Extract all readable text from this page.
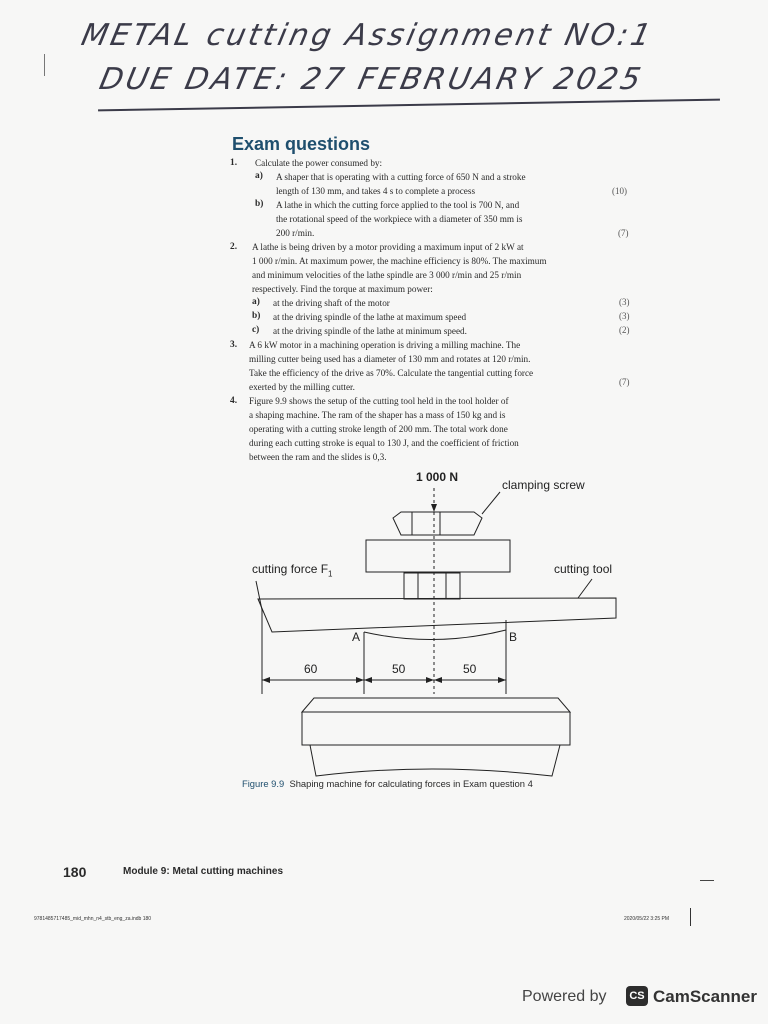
METAL cutting Assignment NO:1
DUE DATE: 27 FEBRUARY 2025
Exam questions
1. Calculate the power consumed by:
a) A shaper that is operating with a cutting force of 650 N and a stroke
length of 130 mm, and takes 4 s to complete a process	(10)
b) A lathe in which the cutting force applied to the tool is 700 N, and
the rotational speed of the workpiece with a diameter of 350 mm is
200 r/min.	(7)
2. A lathe is being driven by a motor providing a maximum input of 2 kW at
1 000 r/min. At maximum power, the machine efficiency is 80%. The maximum
and minimum velocities of the lathe spindle are 3 000 r/min and 25 r/min
respectively. Find the torque at maximum power:
a) at the driving shaft of the motor	(3)
b) at the driving spindle of the lathe at maximum speed	(3)
c) at the driving spindle of the lathe at minimum speed.	(2)
3. A 6 kW motor in a machining operation is driving a milling machine. The
milling cutter being used has a diameter of 130 mm and rotates at 120 r/min.
Take the efficiency of the drive as 70%. Calculate the tangential cutting force
exerted by the milling cutter.	(7)
4. Figure 9.9 shows the setup of the cutting tool held in the tool holder of
a shaping machine. The ram of the shaper has a mass of 150 kg and is
operating with a cutting stroke length of 200 mm. The total work done
during each cutting stroke is equal to 130 J, and the coefficient of friction
between the ram and the slides is 0,3.
1 000 N
clamping screw
cutting force $F_1$	cutting tool
A	B
60	50	50
Figure 9.9 Shaping machine for calculating forces in Exam question 4
180	Module 9: Metal cutting machines
9781485717485_mid_mhn_n4_stb_eng_za.indb 180	2020/05/22 3:25 PM
Powered by	CS CamScanner
